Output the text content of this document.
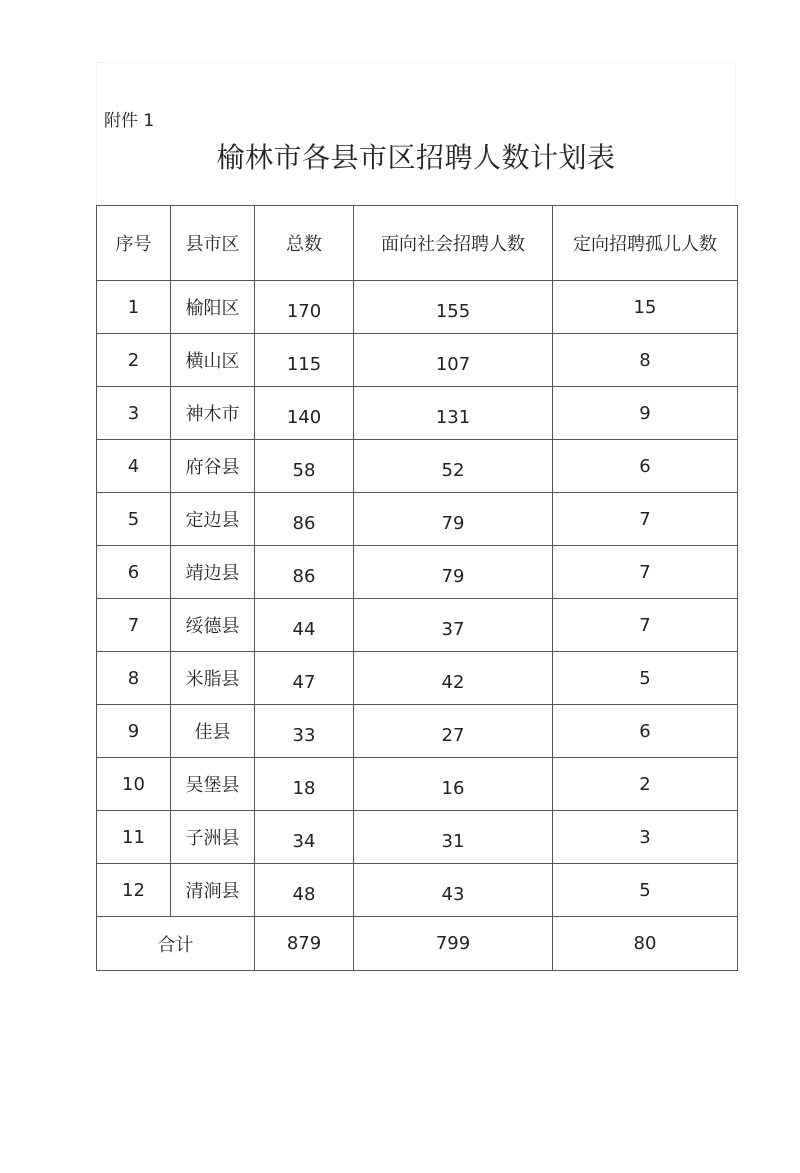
附件 1
榆林市各县市区招聘人数计划表
序号	县市区	总数	面向社会招聘人数	定向招聘孤儿人数
1	榆阳区	170	155	15
2	横山区	115	107	8
3	神木市	140	131	9
4	府谷县	58	52	6
5	定边县	86	79	7
6	靖边县	86	79	7
7	绥德县	44	37	7
8	米脂县	47	42	5
9	佳县	33	27	6
10	吴堡县	18	16	2
11	子洲县	34	31	3
12	清涧县	48	43	5
合计		879	799	80
